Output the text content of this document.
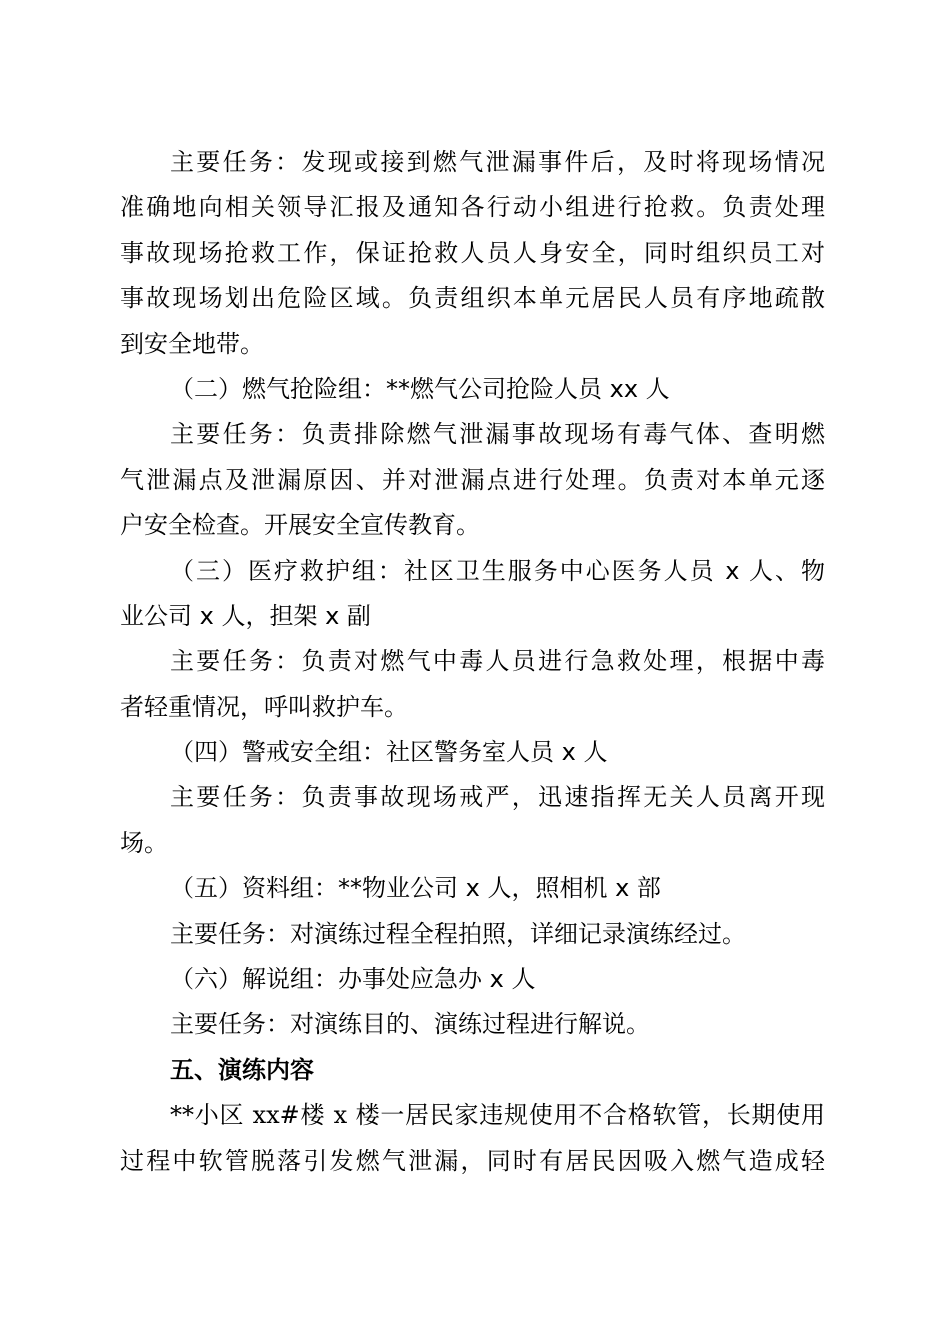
主要任务：发现或接到燃气泄漏事件后，及时将现场情况
准确地向相关领导汇报及通知各行动小组进行抢救。负责处理
事故现场抢救工作，保证抢救人员人身安全，同时组织员工对
事故现场划出危险区域。负责组织本单元居民人员有序地疏散
到安全地带。
（二）燃气抢险组：**燃气公司抢险人员 xx 人
主要任务：负责排除燃气泄漏事故现场有毒气体、查明燃
气泄漏点及泄漏原因、并对泄漏点进行处理。负责对本单元逐
户安全检查。开展安全宣传教育。
（三）医疗救护组：社区卫生服务中心医务人员 x 人、物
业公司 x 人，担架 x 副
主要任务：负责对燃气中毒人员进行急救处理，根据中毒
者轻重情况，呼叫救护车。
（四）警戒安全组：社区警务室人员 x 人
主要任务：负责事故现场戒严，迅速指挥无关人员离开现
场。
（五）资料组：**物业公司 x 人，照相机 x 部
主要任务：对演练过程全程拍照，详细记录演练经过。
（六）解说组：办事处应急办 x 人
主要任务：对演练目的、演练过程进行解说。
五、演练内容
**小区 xx#楼 x 楼一居民家违规使用不合格软管，长期使用
过程中软管脱落引发燃气泄漏，同时有居民因吸入燃气造成轻
